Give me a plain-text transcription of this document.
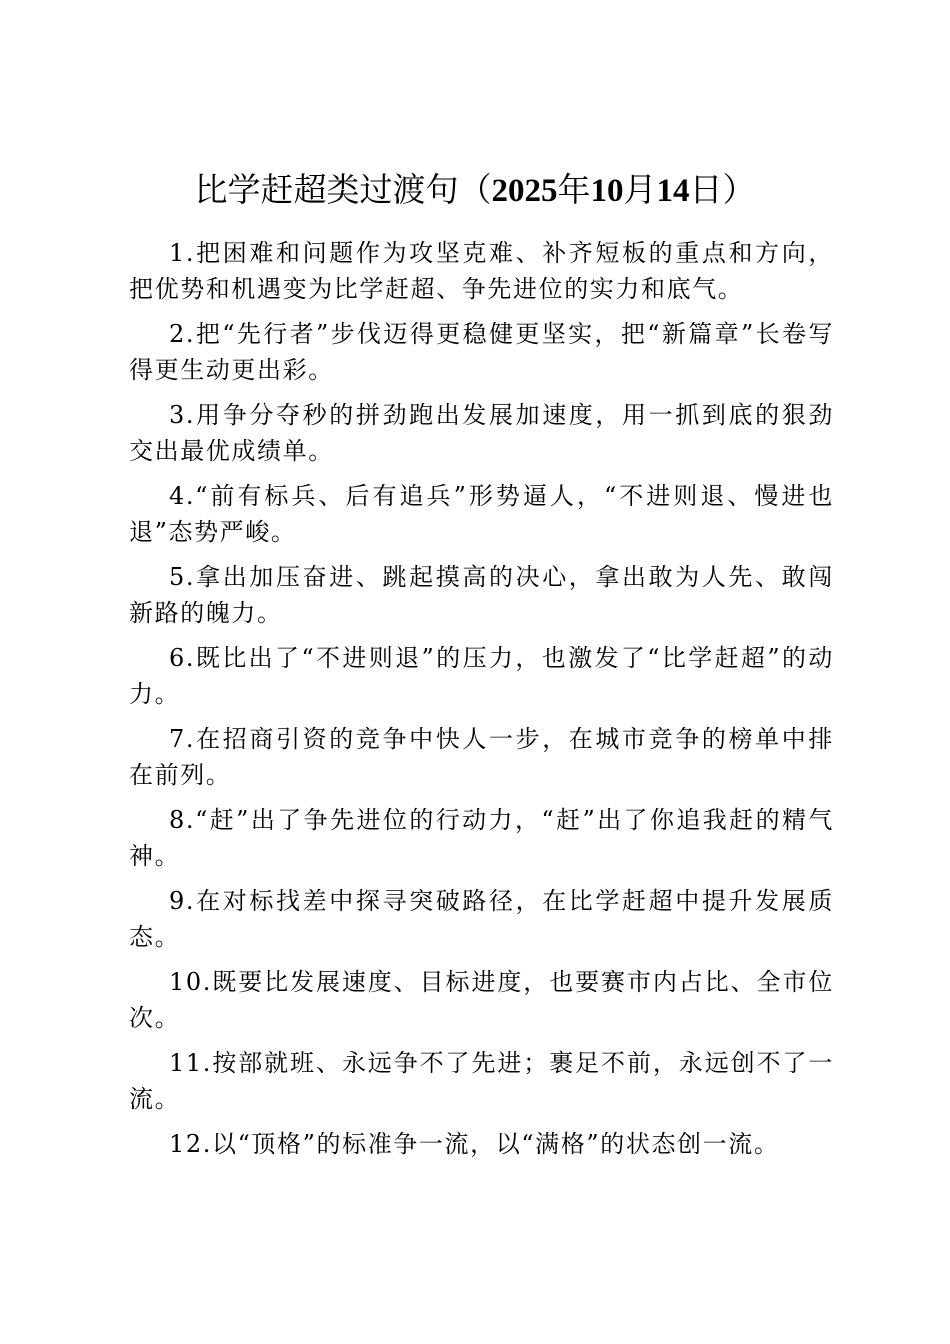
比学赶超类过渡句（2025年10月14日）

1.把困难和问题作为攻坚克难、补齐短板的重点和方向，把优势和机遇变为比学赶超、争先进位的实力和底气。

2.把“先行者”步伐迈得更稳健更坚实，把“新篇章”长卷写得更生动更出彩。

3.用争分夺秒的拼劲跑出发展加速度，用一抓到底的狠劲交出最优成绩单。

4.“前有标兵、后有追兵”形势逼人，“不进则退、慢进也退”态势严峻。

5.拿出加压奋进、跳起摸高的决心，拿出敢为人先、敢闯新路的魄力。

6.既比出了“不进则退”的压力，也激发了“比学赶超”的动力。

7.在招商引资的竞争中快人一步，在城市竞争的榜单中排在前列。

8.“赶”出了争先进位的行动力，“赶”出了你追我赶的精气神。

9.在对标找差中探寻突破路径，在比学赶超中提升发展质态。

10.既要比发展速度、目标进度，也要赛市内占比、全市位次。

11.按部就班、永远争不了先进；裹足不前，永远创不了一流。

12.以“顶格”的标准争一流，以“满格”的状态创一流。
